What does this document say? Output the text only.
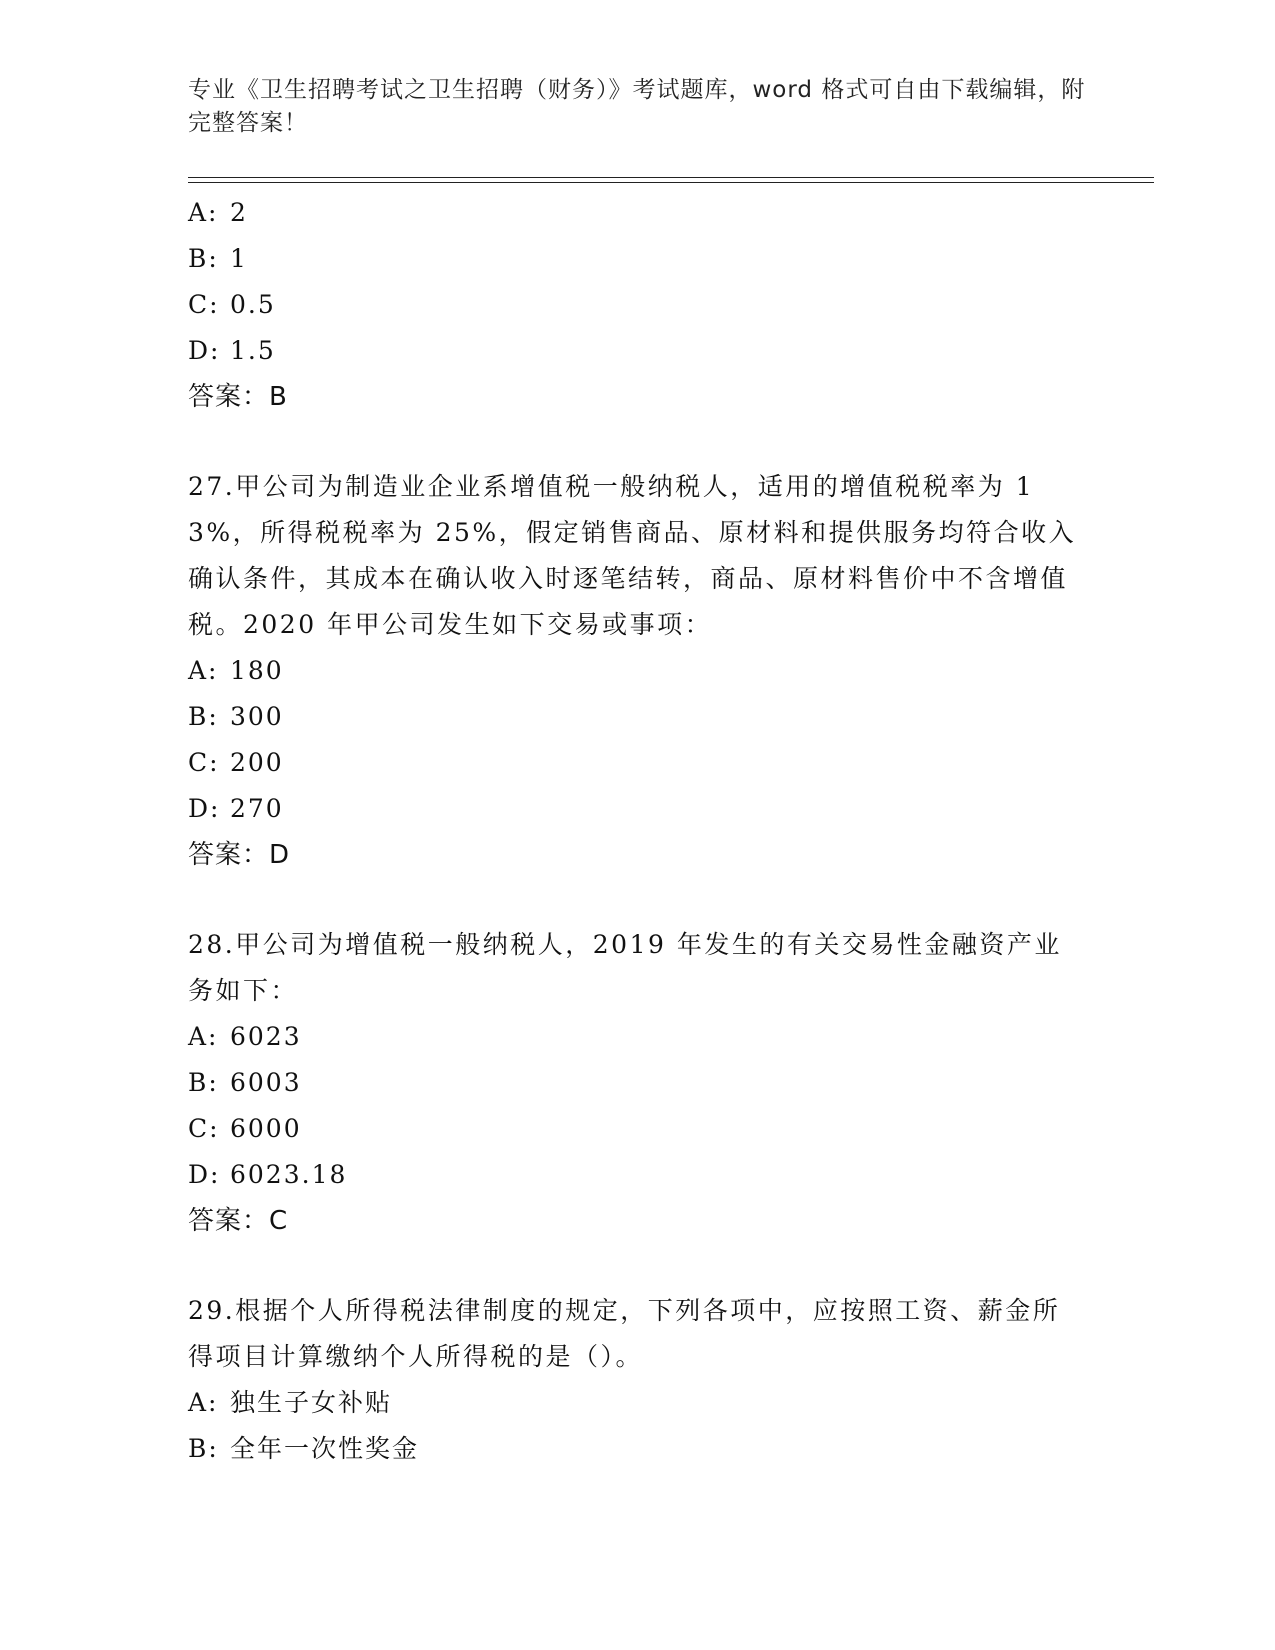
专业《卫生招聘考试之卫生招聘（财务）》考试题库，word 格式可自由下载编辑，附完整答案！
A: 2
B: 1
C: 0.5
D: 1.5
答案：B
27.甲公司为制造业企业系增值税一般纳税人，适用的增值税税率为 13%，所得税税率为 25%，假定销售商品、原材料和提供服务均符合收入确认条件，其成本在确认收入时逐笔结转，商品、原材料售价中不含增值税。2020 年甲公司发生如下交易或事项：
A: 180
B: 300
C: 200
D: 270
答案：D
28.甲公司为增值税一般纳税人，2019 年发生的有关交易性金融资产业务如下：
A: 6023
B: 6003
C: 6000
D: 6023.18
答案：C
29.根据个人所得税法律制度的规定，下列各项中，应按照工资、薪金所得项目计算缴纳个人所得税的是（）。
A: 独生子女补贴
B: 全年一次性奖金
